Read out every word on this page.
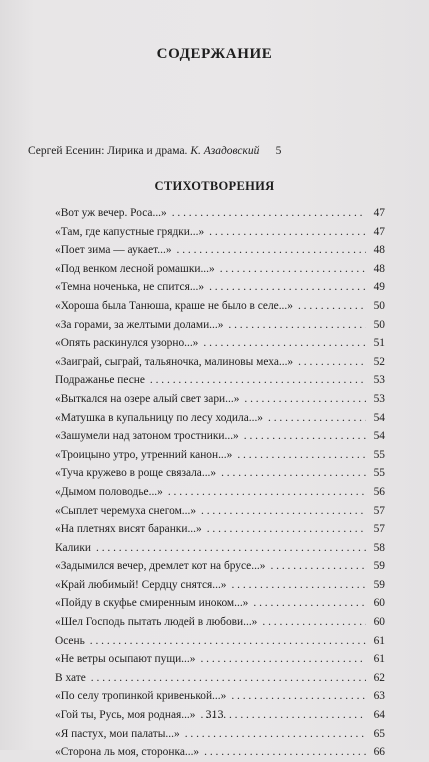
СОДЕРЖАНИЕ
Сергей Есенин: Лирика и драма. К. Азадовский	5
СТИХОТВОРЕНИЯ
«Вот уж вечер. Роса...» . . .	47
«Там, где капустные грядки...» . . .	47
«Поет зима — аукает...» . . .	48
«Под венком лесной ромашки...» . . .	48
«Темна ноченька, не спится...» . . .	49
«Хороша была Танюша, краше не было в селе...» . . .	50
«За горами, за желтыми долами...» . . .	50
«Опять раскинулся узорно...» . . .	51
«Заиграй, сыграй, тальяночка, малиновы меха...» . . .	52
Подражанье песне . . .	53
«Выткался на озере алый свет зари...» . . .	53
«Матушка в купальницу по лесу ходила...» . . .	54
«Зашумели над затоном тростники...» . . .	54
«Троицыно утро, утренний канон...» . . .	55
«Туча кружево в роще связала...» . . .	55
«Дымом половодье...» . . .	56
«Сыплет черемуха снегом...» . . .	57
«На плетнях висят баранки...» . . .	57
Калики . . .	58
«Задымился вечер, дремлет кот на брусе...» . . .	59
«Край любимый! Сердцу снятся...» . . .	59
«Пойду в скуфье смиренным иноком...» . . .	60
«Шел Господь пытать людей в любови...» . . .	60
Осень . . .	61
«Не ветры осыпают пущи...» . . .	61
В хате . . .	62
«По селу тропинкой кривенькой...» . . .	63
«Гой ты, Русь, моя родная...» . . .	64
«Я пастух, мои палаты...» . . .	65
«Сторона ль моя, сторонка...» . . .	66
313
